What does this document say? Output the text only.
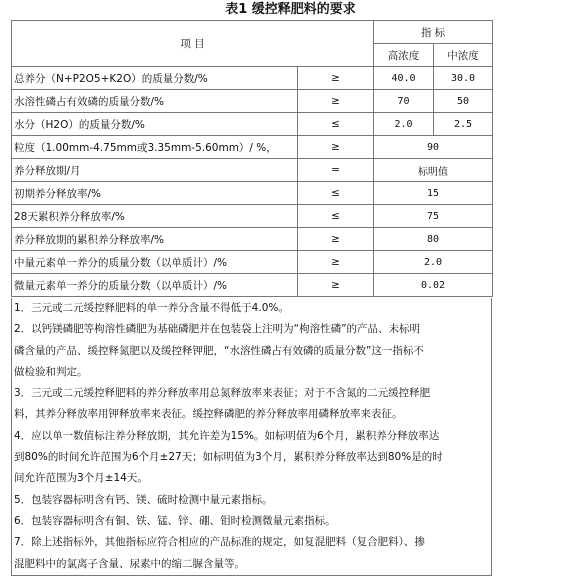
表1 缓控释肥料的要求
项 目		指 标	
		高浓度	中浓度
总养分（N+P2O5+K2O）的质量分数/%	≥	40.0	30.0
水溶性磷占有效磷的质量分数/%	≥	70	50
水分（H2O）的质量分数/%	≤	2.0	2.5
粒度（1.00mm-4.75mm或3.35mm-5.60mm）/ %，	≥	90	
养分释放期/月	=	标明值	
初期养分释放率/%	≤	15	
28天累积养分释放率/%	≤	75	
养分释放期的累积养分释放率/%	≥	80	
中量元素单一养分的质量分数（以单质计）/%	≥	2.0	
微量元素单一养分的质量分数（以单质计）/%	≥	0.02	

1．三元或二元缓控释肥料的单一养分含量不得低于4.0%。

2．以钙镁磷肥等枸溶性磷肥为基础磷肥并在包装袋上注明为“枸溶性磷”的产品、未标明

磷含量的产品、缓控释氮肥以及缓控释钾肥，“水溶性磷占有效磷的质量分数”这一指标不

做检验和判定。

3．三元或二元缓控释肥料的养分释放率用总氮释放率来表征；对于不含氮的二元缓控释肥

料，其养分释放率用钾释放率来表征。缓控释磷肥的养分释放率用磷释放率来表征。

4．应以单一数值标注养分释放期，其允许差为15%。如标明值为6个月，累积养分释放率达

到80%的时间允许范围为6个月±27天；如标明值为3个月，累积养分释放率达到80%是的时

间允许范围为3个月±14天。

5．包装容器标明含有钙、镁、硫时检测中量元素指标。

6．包装容器标明含有铜、铁、锰、锌、硼、钼时检测微量元素指标。

7．除上述指标外，其他指标应符合相应的产品标准的规定，如复混肥料（复合肥料）、掺

混肥料中的氯离子含量、尿素中的缩二脲含量等。
